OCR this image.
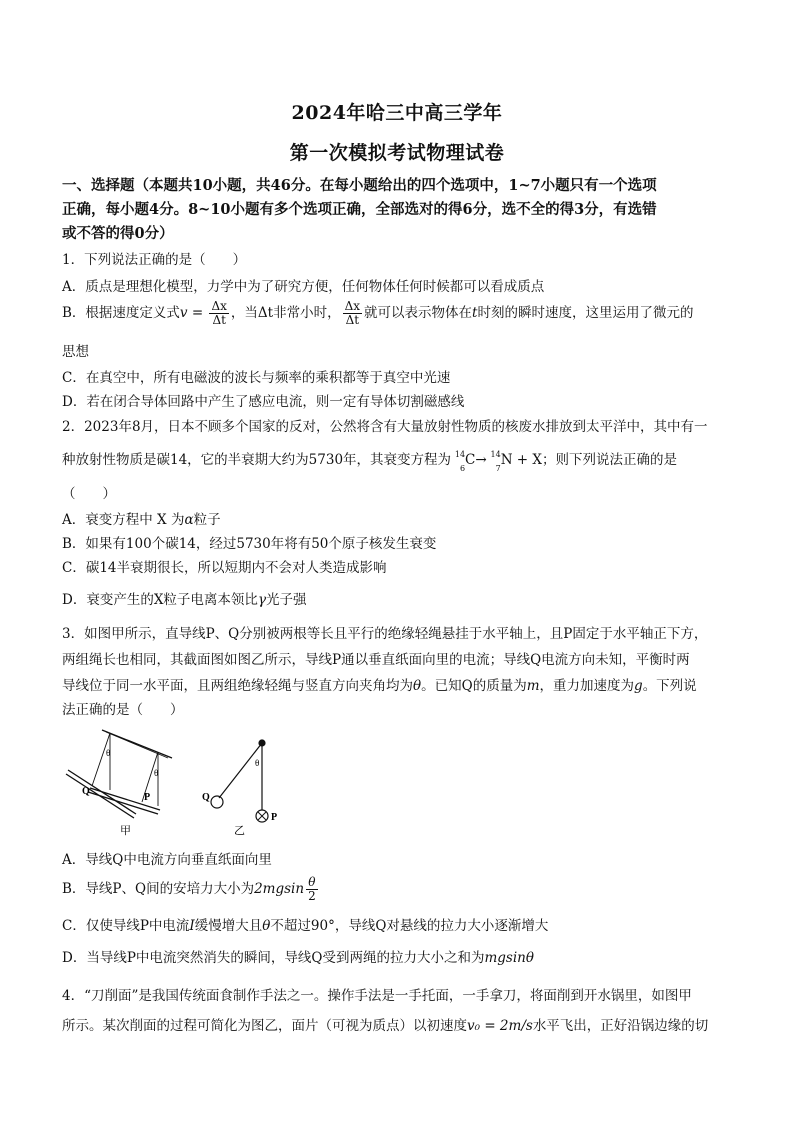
2024年哈三中高三学年
第一次模拟考试物理试卷
一、选择题（本题共10小题，共46分。在每小题给出的四个选项中，1~7小题只有一个选项
正确，每小题4分。8~10小题有多个选项正确，全部选对的得6分，选不全的得3分，有选错
或不答的得0分）
1．下列说法正确的是（　　）
A．质点是理想化模型，力学中为了研究方便，任何物体任何时候都可以看成质点
B．根据速度定义式$v = \frac{\Delta x}{\Delta t}$ ，当Δt非常小时， $\frac{\Delta x}{\Delta t}$ 就可以表示物体在t时刻的瞬时速度，这里运用了微元的
思想
C．在真空中，所有电磁波的波长与频率的乘积都等于真空中光速
D．若在闭合导体回路中产生了感应电流，则一定有导体切割磁感线
2．2023年8月，日本不顾多个国家的反对，公然将含有大量放射性物质的核废水排放到太平洋中，其中有一
种放射性物质是碳14，它的半衰期大约为5730年，其衰变方程为 14
6 C→ 14
7 N + X；则下列说法正确的是
（　　）
A．衰变方程中 X 为α粒子
B．如果有100个碳14，经过5730年将有50个原子核发生衰变
C．碳14半衰期很长，所以短期内不会对人类造成影响
D．衰变产生的X粒子电离本领比γ光子强
3．如图甲所示，直导线P、Q分别被两根等长且平行的绝缘轻绳悬挂于水平轴上，且P固定于水平轴正下方，
两组绳长也相同，其截面图如图乙所示，导线P通以垂直纸面向里的电流；导线Q电流方向未知，平衡时两
导线位于同一水平面，且两组绝缘轻绳与竖直方向夹角均为θ。已知Q的质量为m，重力加速度为g。下列说
法正确的是（　　）
θ
θ
Q
P
甲
θ
Q
P
乙
A．导线Q中电流方向垂直纸面向里
B．导线P、Q间的安培力大小为$2mgsin \frac{\theta}{2}$
C．仅使导线P中电流I缓慢增大且θ不超过90°，导线Q对悬线的拉力大小逐渐增大
D．当导线P中电流突然消失的瞬间，导线Q受到两绳的拉力大小之和为mgsinθ
4．“刀削面”是我国传统面食制作手法之一。操作手法是一手托面，一手拿刀，将面削到开水锅里，如图甲
所示。某次削面的过程可简化为图乙，面片（可视为质点）以初速度v₀ = 2m/s水平飞出，正好沿锅边缘的切
